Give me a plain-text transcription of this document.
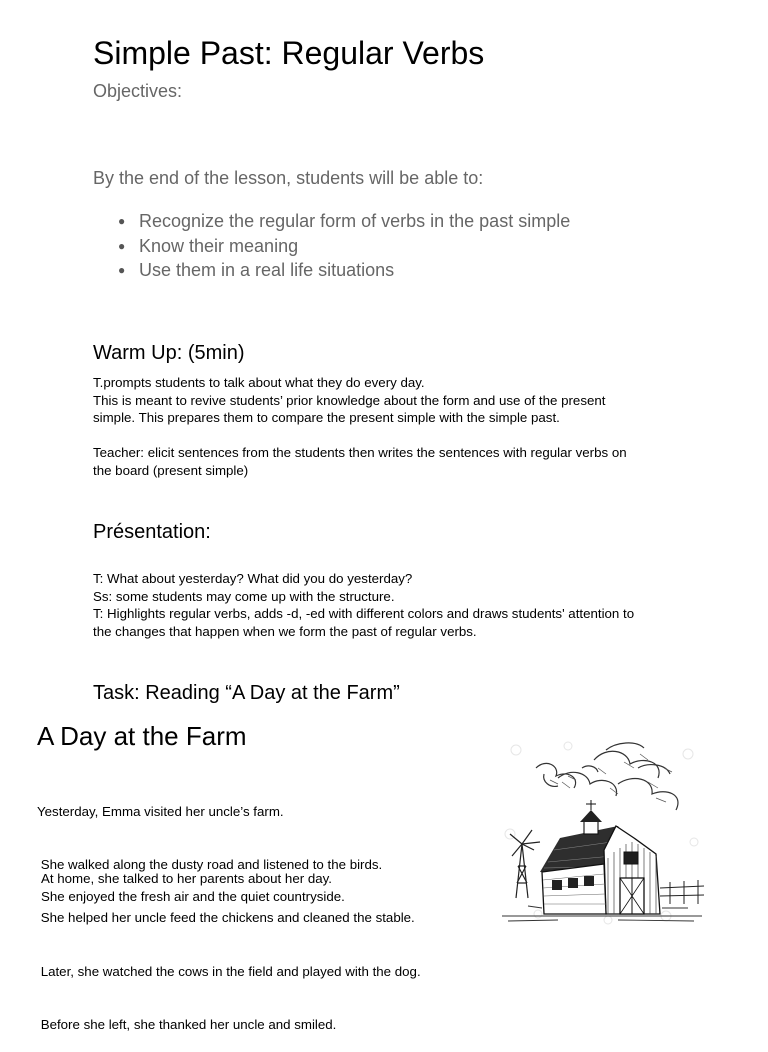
Simple Past: Regular Verbs
Objectives:
By the end of the lesson, students will be able to:
● Recognize the regular form of verbs in the past simple
● Know their meaning
● Use them in a real life situations
Warm Up: (5min)
T.prompts students to talk about what they do every day.
This is meant to revive students’ prior knowledge about the form and use of the present
simple. This prepares them to compare the present simple with the simple past.
Teacher: elicit sentences from the students then writes the sentences with regular verbs on
the board (present simple)
Présentation:
T: What about yesterday? What did you do yesterday?
Ss: some students may come up with the structure.
T: Highlights regular verbs, adds -d, -ed with different colors and draws students' attention to
the changes that happen when we form the past of regular verbs.
Task: Reading “A Day at the Farm”
A Day at the Farm

Yesterday, Emma visited her uncle’s farm.

She walked along the dusty road and listened to the birds.

She helped her uncle feed the chickens and cleaned the stable.

Later, she watched the cows in the field and played with the dog.

Before she left, she thanked her uncle and smiled.

At home, she talked to her parents about her day.
She enjoyed the fresh air and the quiet countryside.
